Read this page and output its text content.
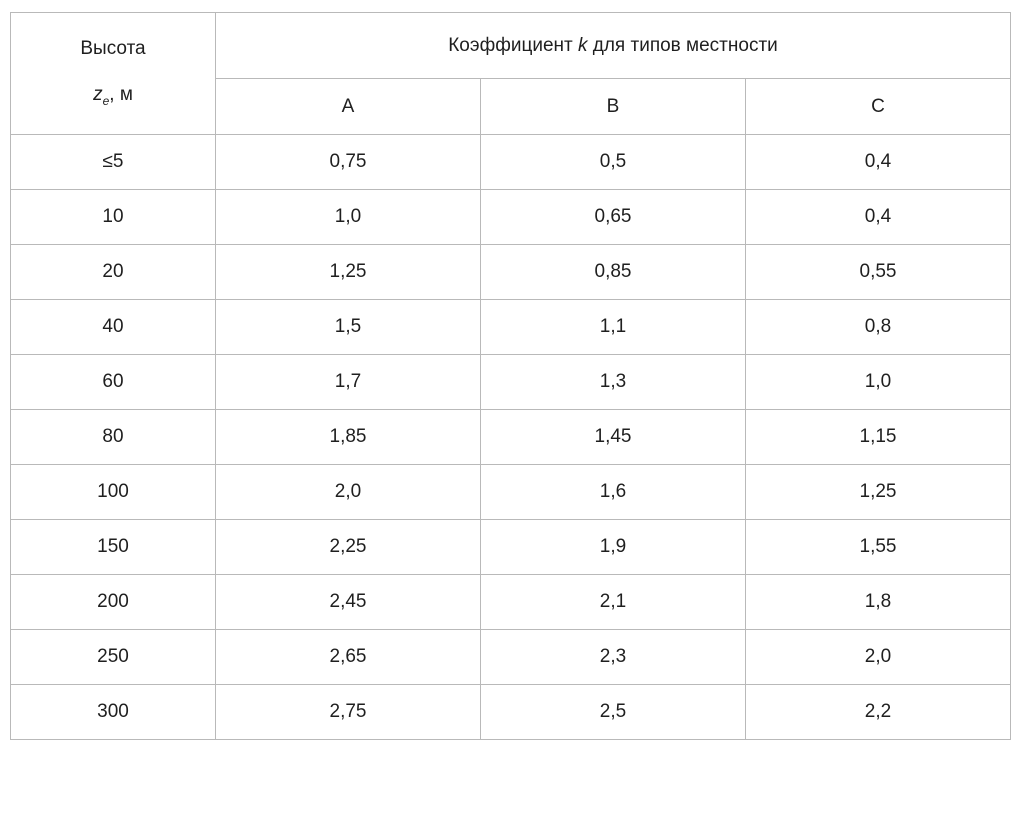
Высота
$z_e$, м	Коэффициент k для типов местности		
	A	B	C
≤5	0,75	0,5	0,4
10	1,0	0,65	0,4
20	1,25	0,85	0,55
40	1,5	1,1	0,8
60	1,7	1,3	1,0
80	1,85	1,45	1,15
100	2,0	1,6	1,25
150	2,25	1,9	1,55
200	2,45	2,1	1,8
250	2,65	2,3	2,0
300	2,75	2,5	2,2
